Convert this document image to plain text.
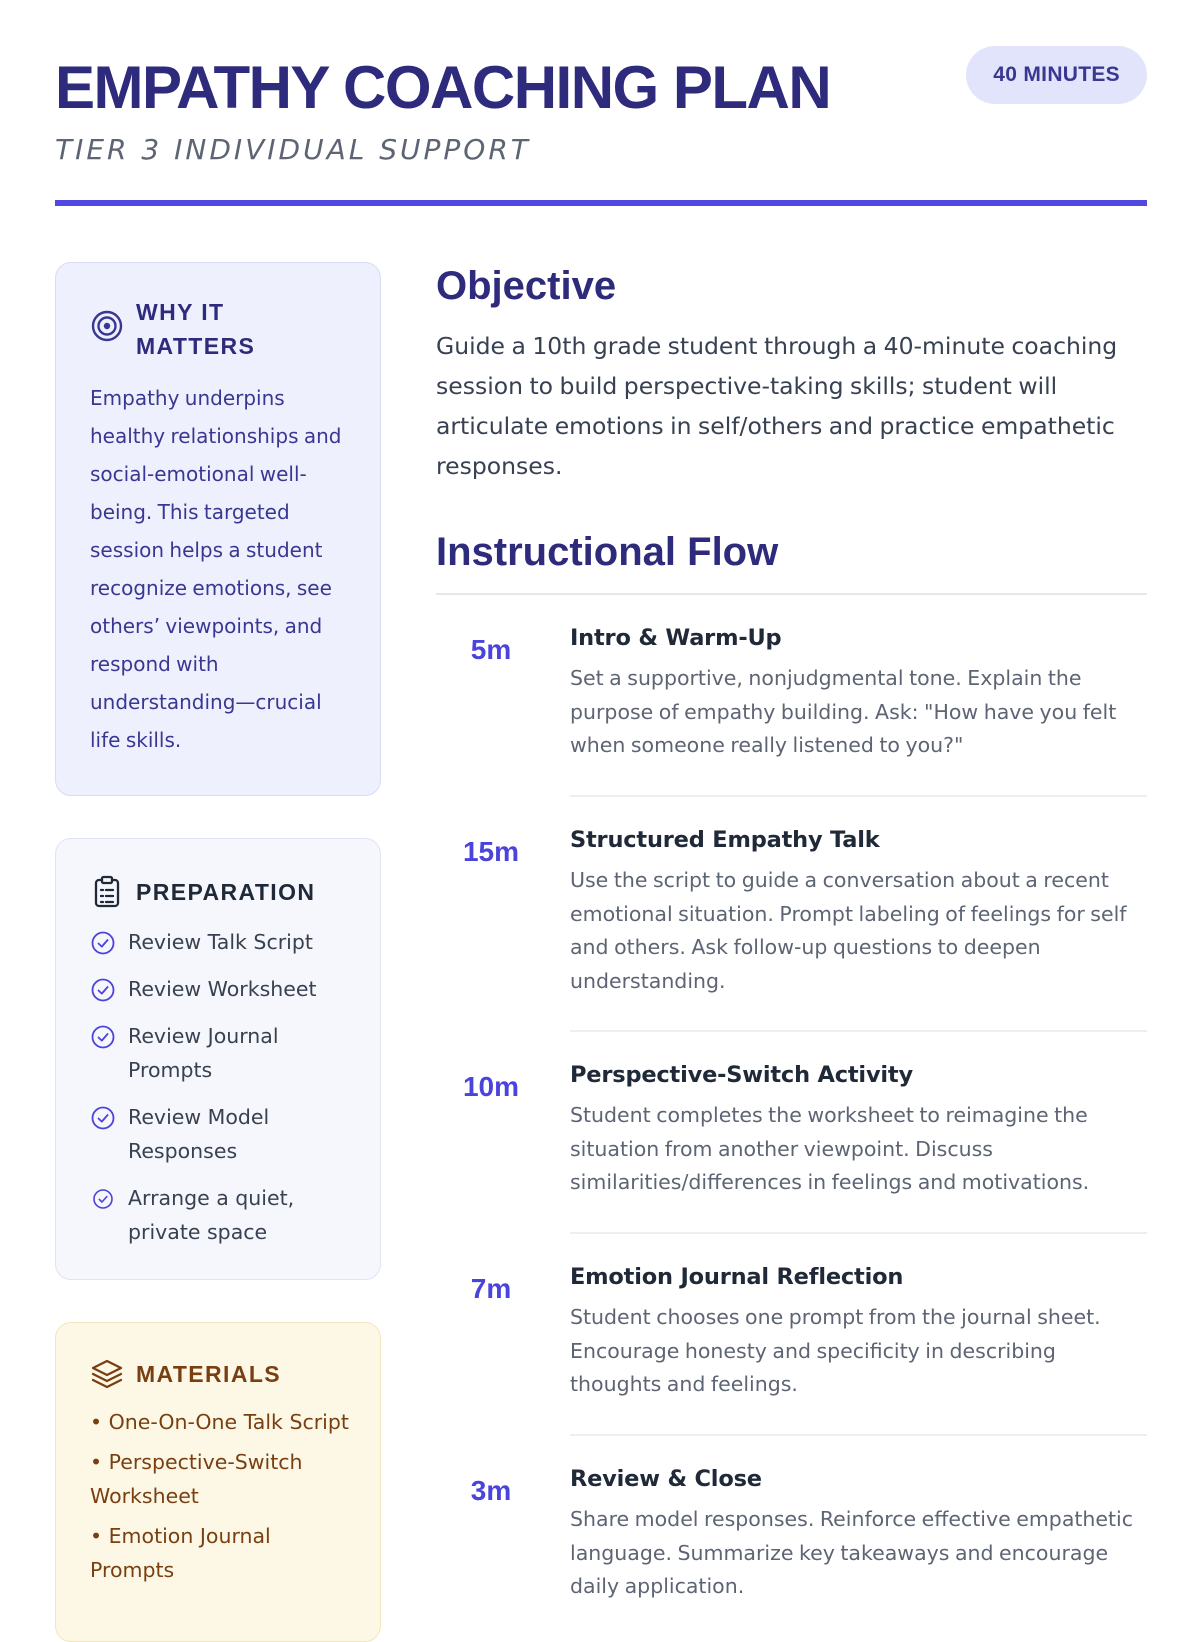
EMPATHY COACHING PLAN
TIER 3 INDIVIDUAL SUPPORT
40 MINUTES
WHY IT MATTERS
Empathy underpins healthy relationships and social-emotional well-being. This targeted session helps a student recognize emotions, see others’ viewpoints, and respond with understanding—crucial life skills.
PREPARATION
Review Talk Script
Review Worksheet
Review Journal Prompts
Review Model Responses
Arrange a quiet, private space
MATERIALS
• One-On-One Talk Script
• Perspective-Switch Worksheet
• Emotion Journal Prompts
Objective
Guide a 10th grade student through a 40-minute coaching session to build perspective-taking skills; student will articulate emotions in self/others and practice empathetic responses.
Instructional Flow
5m	Intro & Warm-Up
Set a supportive, nonjudgmental tone. Explain the purpose of empathy building. Ask: "How have you felt when someone really listened to you?"
15m	Structured Empathy Talk
Use the script to guide a conversation about a recent emotional situation. Prompt labeling of feelings for self and others. Ask follow-up questions to deepen understanding.
10m	Perspective-Switch Activity
Student completes the worksheet to reimagine the situation from another viewpoint. Discuss similarities/differences in feelings and motivations.
7m	Emotion Journal Reflection
Student chooses one prompt from the journal sheet. Encourage honesty and specificity in describing thoughts and feelings.
3m	Review & Close
Share model responses. Reinforce effective empathetic language. Summarize key takeaways and encourage daily application.
